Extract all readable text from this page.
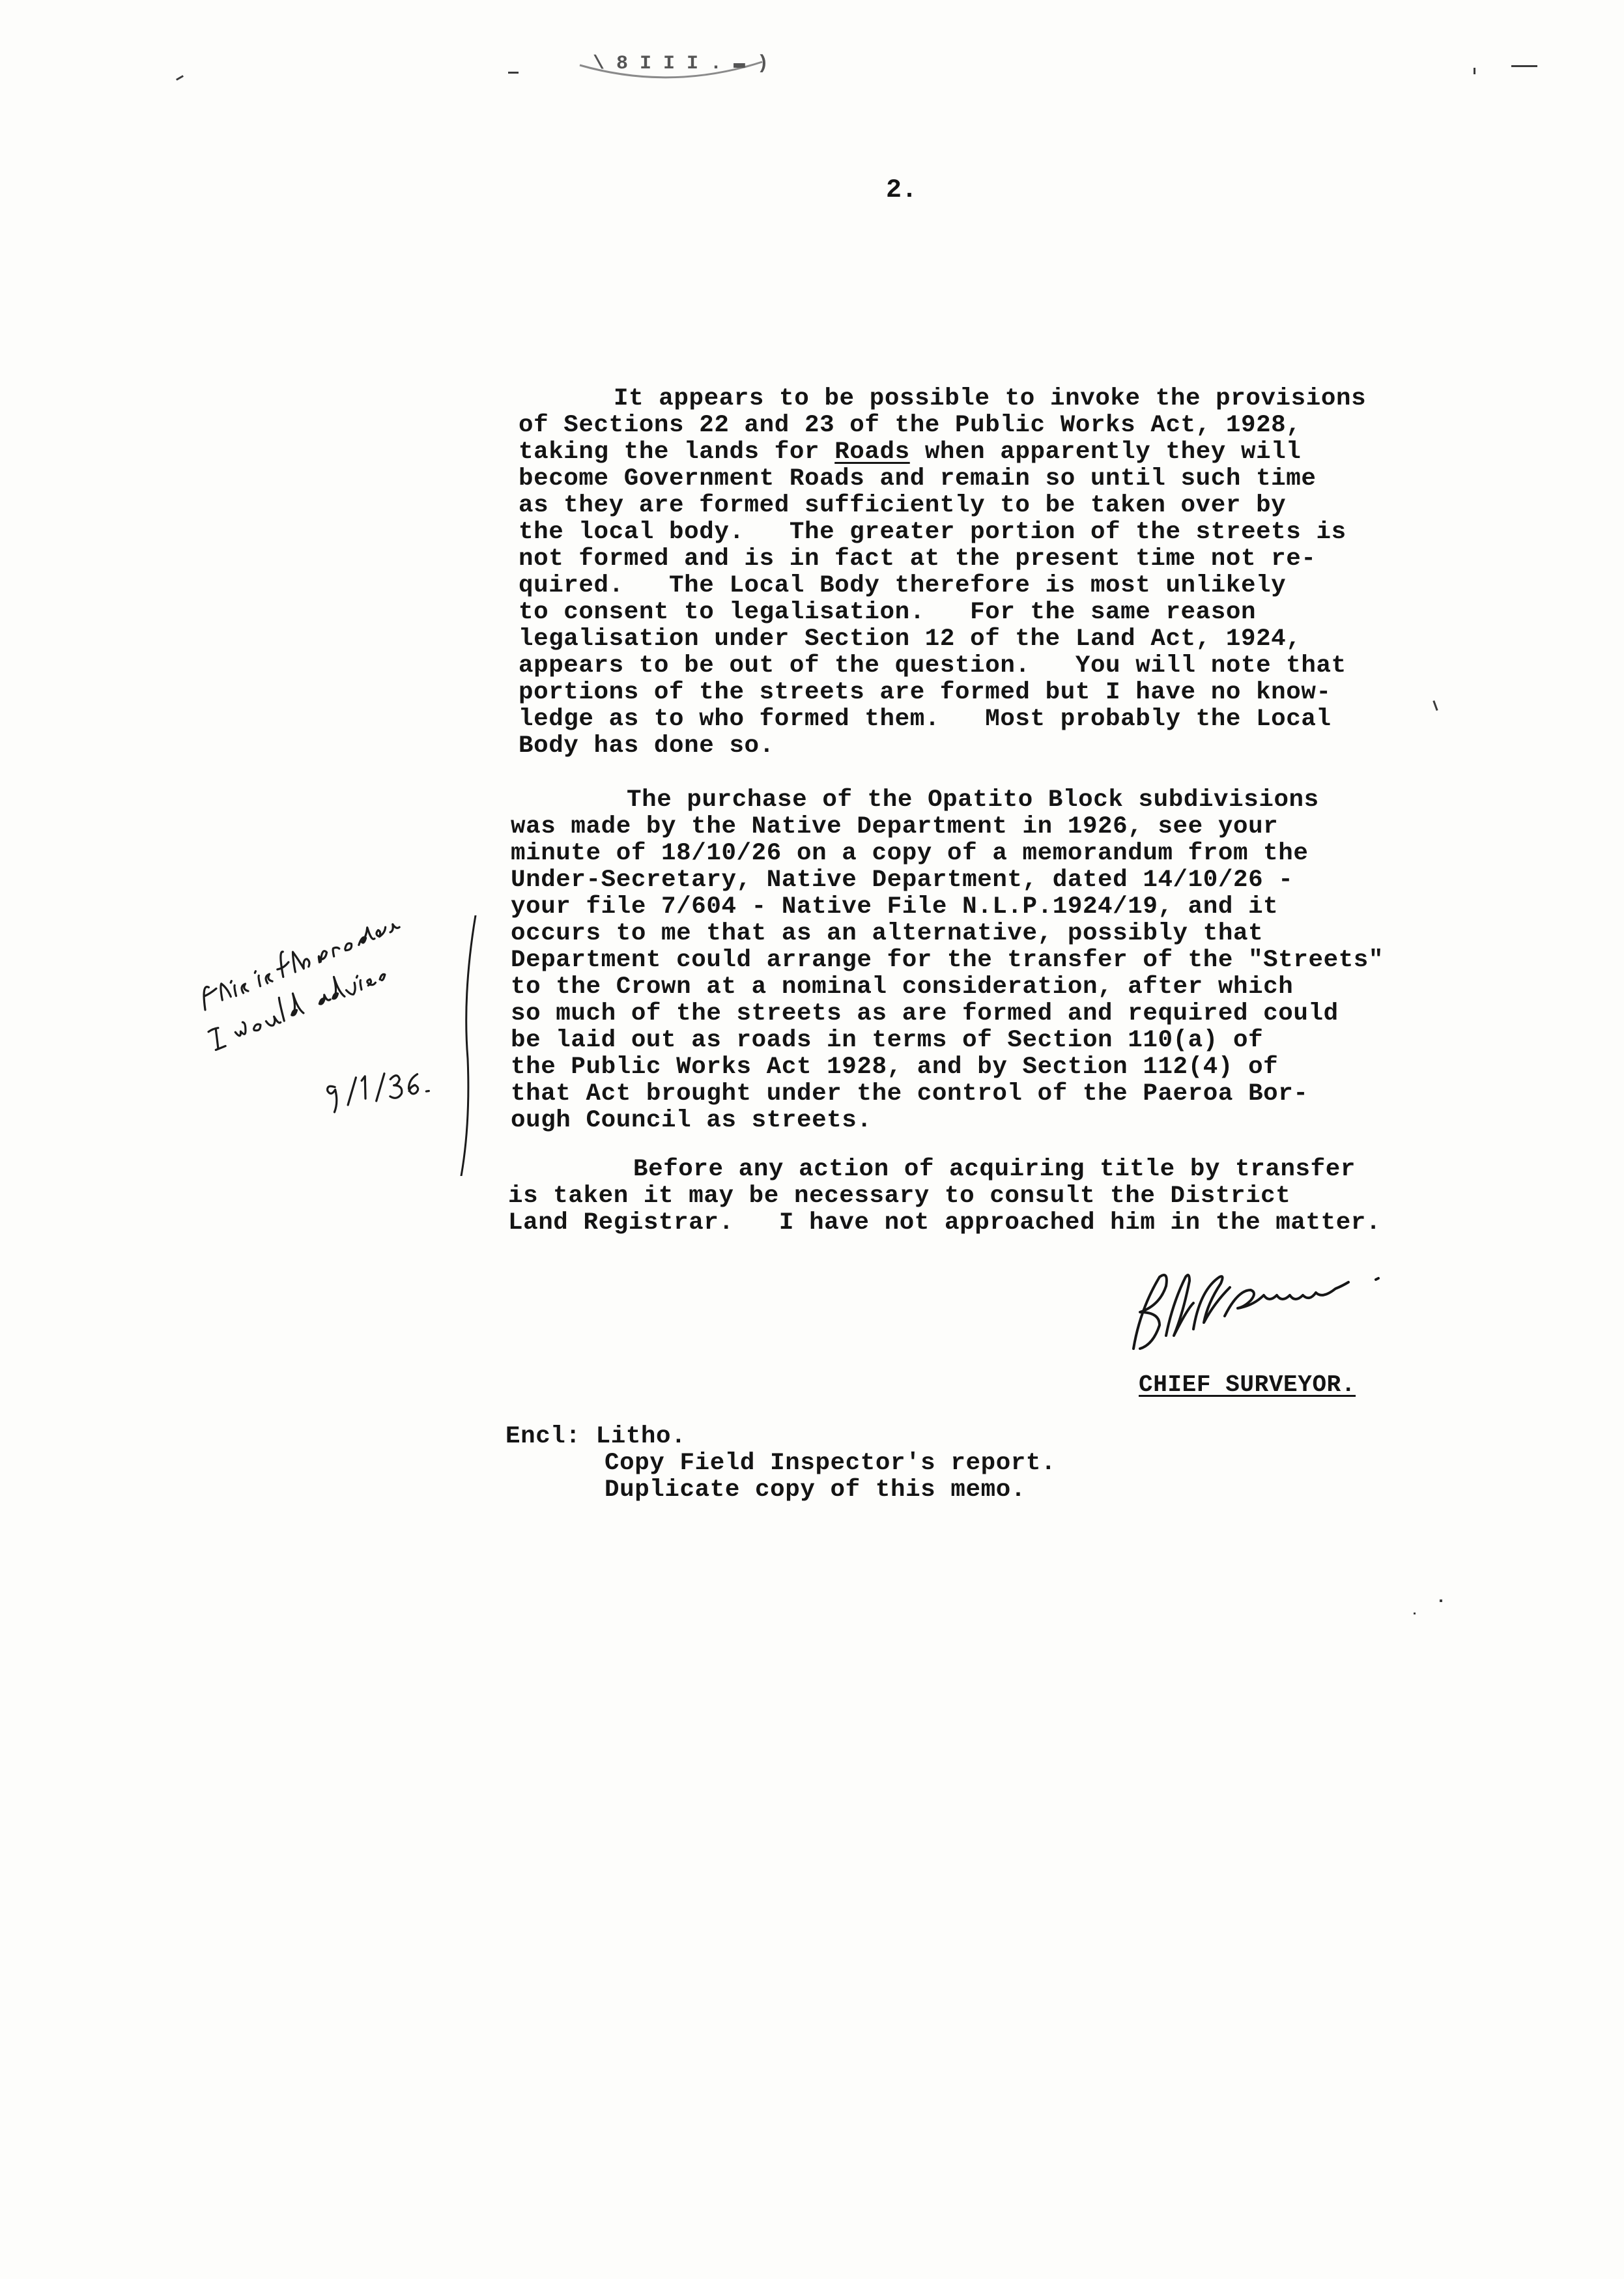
\ 8 I I I . ▬ )
2.
It appears to be possible to invoke the provisions
of Sections 22 and 23 of the Public Works Act, 1928,
taking the lands for Roads when apparently they will
become Government Roads and remain so until such time
as they are formed sufficiently to be taken over by
the local body.   The greater portion of the streets is
not formed and is in fact at the present time not re-
quired.   The Local Body therefore is most unlikely
to consent to legalisation.   For the same reason
legalisation under Section 12 of the Land Act, 1924,
appears to be out of the question.   You will note that
portions of the streets are formed but I have no know-
ledge as to who formed them.   Most probably the Local
Body has done so.
The purchase of the Opatito Block subdivisions
was made by the Native Department in 1926, see your
minute of 18/10/26 on a copy of a memorandum from the
Under-Secretary, Native Department, dated 14/10/26 -
your file 7/604 - Native File N.L.P.1924/19, and it
occurs to me that as an alternative, possibly that
Department could arrange for the transfer of the "Streets"
to the Crown at a nominal consideration, after which
so much of the streets as are formed and required could
be laid out as roads in terms of Section 110(a) of
the Public Works Act 1928, and by Section 112(4) of
that Act brought under the control of the Paeroa Bor-
ough Council as streets.
Before any action of acquiring title by transfer
is taken it may be necessary to consult the District
Land Registrar.   I have not approached him in the matter.
CHIEF SURVEYOR.
Encl: Litho.
Copy Field Inspector's report.
Duplicate copy of this memo.
